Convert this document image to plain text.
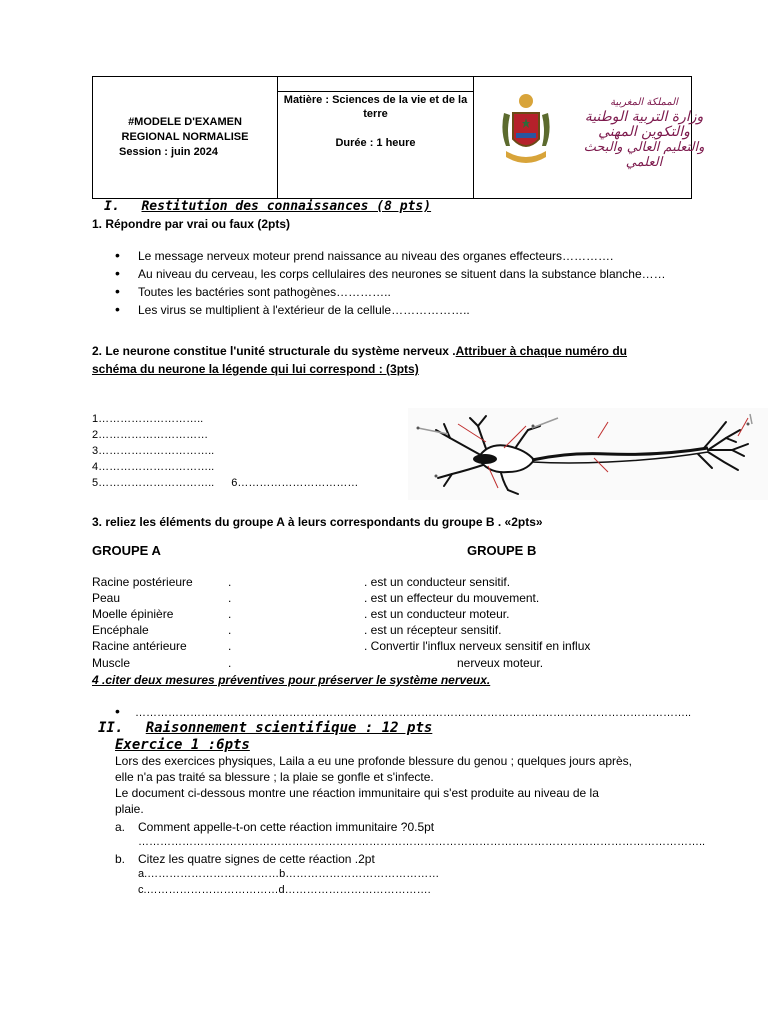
#MODELE D'EXAMEN
REGIONAL NORMALISE
Session : juin 2024
Matière : Sciences de la vie et de la terre
Durée : 1 heure
المملكة المغربية
وزارة التربية الوطنية
والتكوين المهني
والتعليم العالي والبحث العلمي
I. Restitution des connaissances (8 pts)
1. Répondre par vrai ou faux (2pts)
• Le message nerveux moteur prend naissance au niveau des organes effecteurs………….
• Au niveau du cerveau, les corps cellulaires des neurones se situent dans la substance blanche……
• Toutes les bactéries sont pathogènes…………..
• Les virus se multiplient à l'extérieur de la cellule………………..
2. Le neurone constitue l'unité structurale du système nerveux .Attribuer à chaque numéro du schéma du neurone la légende qui lui correspond : (3pts)
1………………………..
2…………………………
3…………………………..
4…………………………..
5………………………….. 6……………………………
3. reliez les éléments du groupe A à leurs correspondants du groupe B . «2pts»
GROUPE A	GROUPE B
Racine postérieure	.	. est un conducteur sensitif.
Peau	.	. est un effecteur du mouvement.
Moelle épinière	.	. est un conducteur moteur.
Encéphale	.	. est un récepteur sensitif.
Racine antérieure	.	. Convertir l'influx nerveux sensitif en influx
Muscle	.	nerveux moteur.
4 .citer deux mesures préventives pour préserver le système nerveux.
• ……………………………………………………………………………………………………………………………………..
II. Raisonnement scientifique : 12 pts
Exercice 1 :6pts
Lors des exercices physiques, Laila a eu une profonde blessure du genou ; quelques jours après,
elle n'a pas traité sa blessure ; la plaie se gonfle et s'infecte.
Le document ci-dessous montre une réaction immunitaire qui s'est produite au niveau de la
plaie.
a. Comment appelle-t-on cette réaction immunitaire ?0.5pt
………………………………………………………………………………………………………………………………………..
b. Citez les quatre signes de cette réaction .2pt
a.………………………………b……………………………………
c.………………………………d………………………………….
